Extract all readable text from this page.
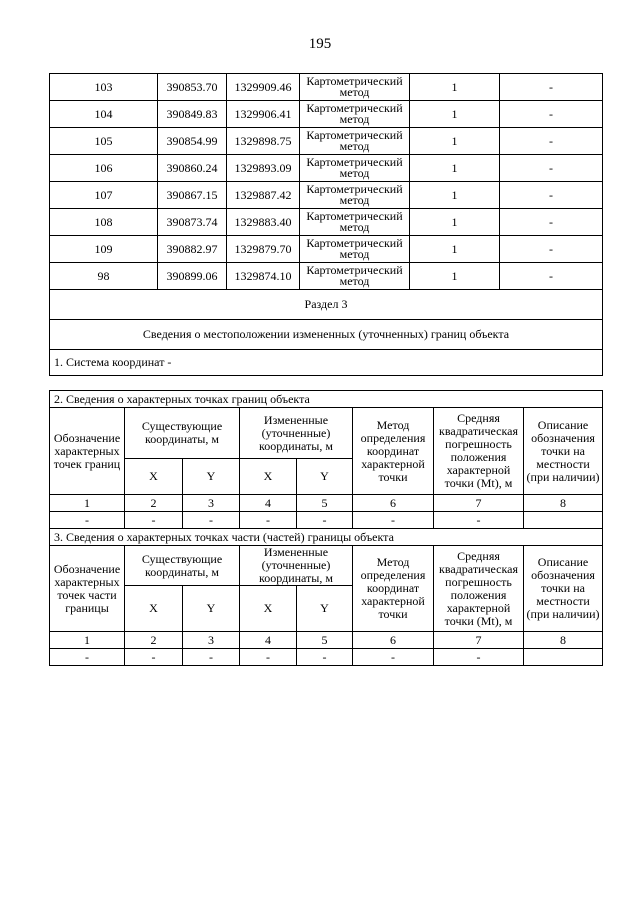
195
103	390853.70	1329909.46	Картометрический метод	1	-
104	390849.83	1329906.41	Картометрический метод	1	-
105	390854.99	1329898.75	Картометрический метод	1	-
106	390860.24	1329893.09	Картометрический метод	1	-
107	390867.15	1329887.42	Картометрический метод	1	-
108	390873.74	1329883.40	Картометрический метод	1	-
109	390882.97	1329879.70	Картометрический метод	1	-
98	390899.06	1329874.10	Картометрический метод	1	-
Раздел 3					
Сведения о местоположении измененных (уточненных) границ объекта					
1. Система координат -					
2. Сведения о характерных точках границ объекта							
Обозначение характерных точек границ	Существующие координаты, м		Измененные (уточненные) координаты, м		Метод определения координат характерной точки	Средняя квадратическая погрешность положения характерной точки (Mt), м	Описание обозначения точки на местности (при наличии)
	X	Y	X	Y			
1	2	3	4	5	6	7	8
-	-	-	-	-	-	-	
3. Сведения о характерных точках части (частей) границы объекта							
Обозначение характерных точек части границы	Существующие координаты, м		Измененные (уточненные) координаты, м		Метод определения координат характерной точки	Средняя квадратическая погрешность положения характерной точки (Mt), м	Описание обозначения точки на местности (при наличии)
	X	Y	X	Y			
1	2	3	4	5	6	7	8
-	-	-	-	-	-	-	
